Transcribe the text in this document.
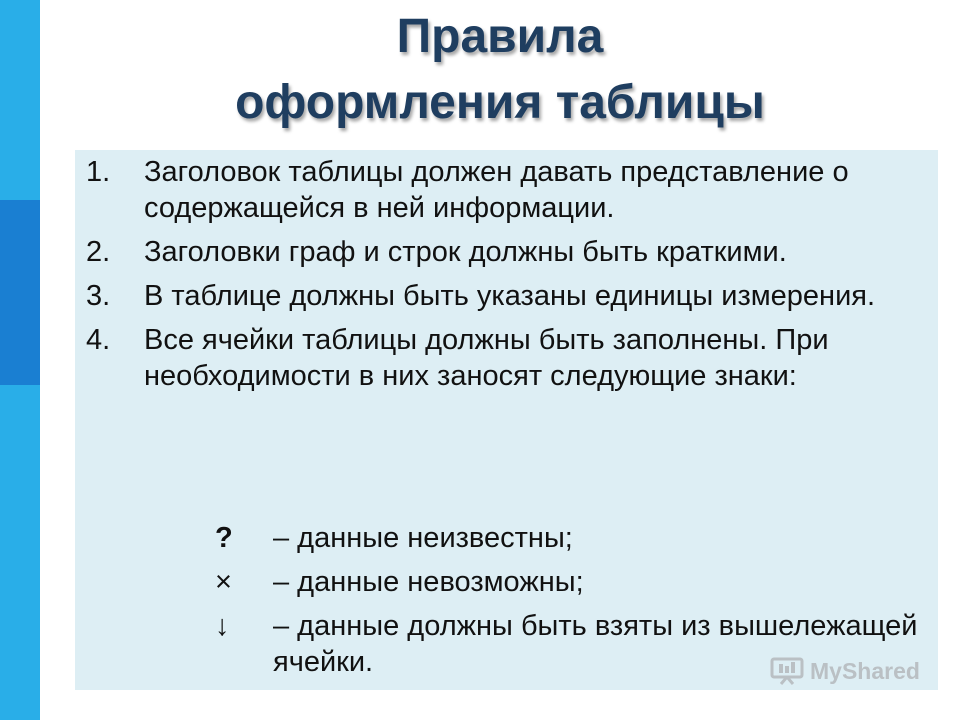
Правила
оформления таблицы
1. Заголовок таблицы должен давать представление о содержащейся в ней информации.
2. Заголовки граф и строк должны быть краткими.
3. В таблице должны быть указаны единицы измерения.
4. Все ячейки таблицы должны быть заполнены. При необходимости в них заносят следующие знаки:
? – данные неизвестны;
×	– данные невозможны;
↓	– данные должны быть взяты из вышележащей ячейки.	MyShared
